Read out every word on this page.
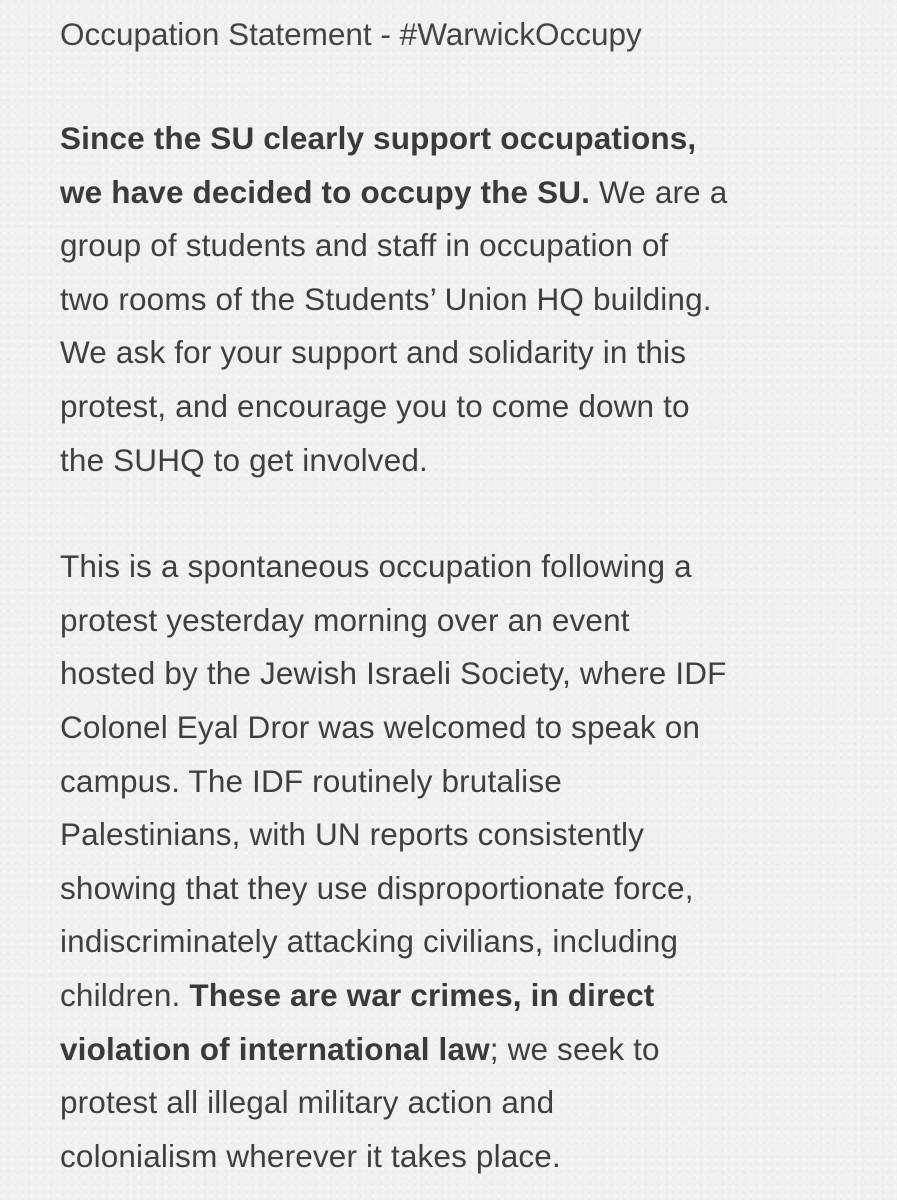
Occupation Statement - #WarwickOccupy

Since the SU clearly support occupations,

we have decided to occupy the SU. We are a

group of students and staff in occupation of

two rooms of the Students’ Union HQ building.

We ask for your support and solidarity in this

protest, and encourage you to come down to

the SUHQ to get involved.

This is a spontaneous occupation following a

protest yesterday morning over an event

hosted by the Jewish Israeli Society, where IDF

Colonel Eyal Dror was welcomed to speak on

campus. The IDF routinely brutalise

Palestinians, with UN reports consistently

showing that they use disproportionate force,

indiscriminately attacking civilians, including

children. These are war crimes, in direct

violation of international law; we seek to

protest all illegal military action and

colonialism wherever it takes place.
